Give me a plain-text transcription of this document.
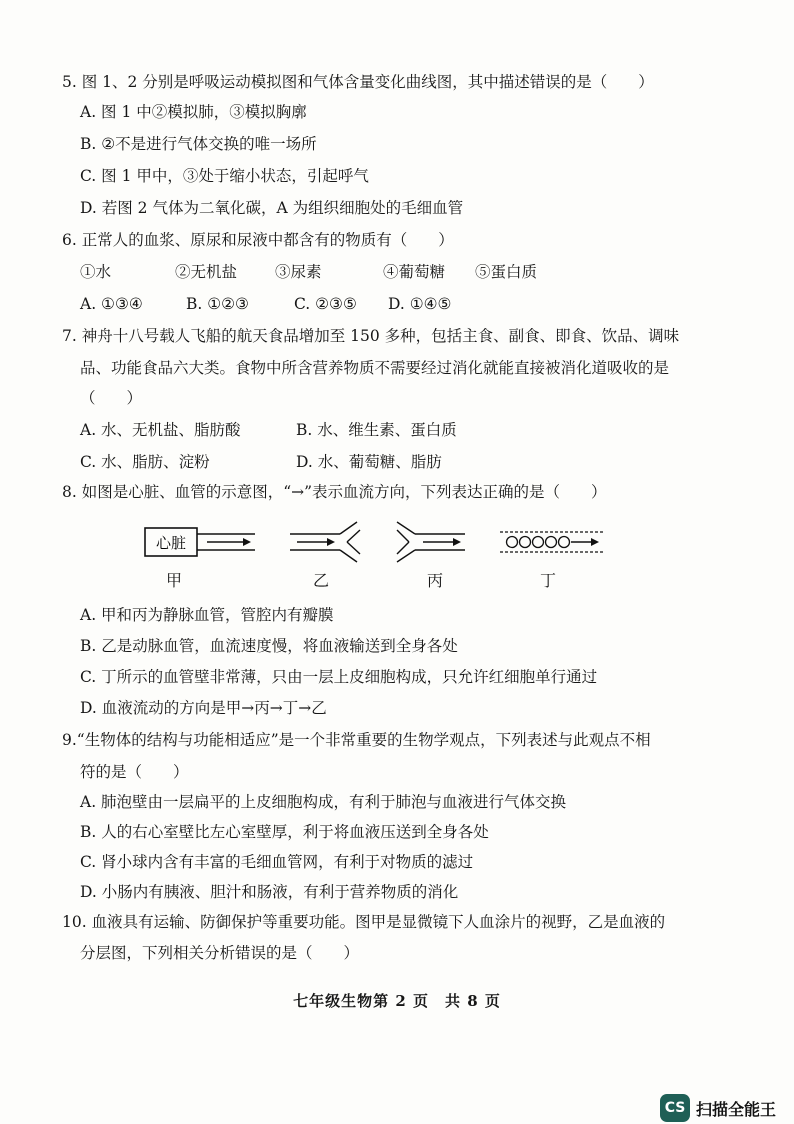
5. 图 1、2 分别是呼吸运动模拟图和气体含量变化曲线图，其中描述错误的是（　　）
A. 图 1 中②模拟肺，③模拟胸廓
B. ②不是进行气体交换的唯一场所
C. 图 1 甲中，③处于缩小状态，引起呼气
D. 若图 2 气体为二氧化碳，A 为组织细胞处的毛细血管
6. 正常人的血浆、原尿和尿液中都含有的物质有（　　）
①水	②无机盐 ③尿素	④葡萄糖 ⑤蛋白质
A. ①③④	B. ①②③	C. ②③⑤ D. ①④⑤
7. 神舟十八号载人飞船的航天食品增加至 150 多种，包括主食、副食、即食、饮品、调味
品、功能食品六大类。食物中所含营养物质不需要经过消化就能直接被消化道吸收的是
（　　）
A. 水、无机盐、脂肪酸	B. 水、维生素、蛋白质
C. 水、脂肪、淀粉	D. 水、葡萄糖、脂肪
8. 如图是心脏、血管的示意图，“→”表示血流方向，下列表达正确的是（　　）
心脏
甲	乙	丙	丁
A. 甲和丙为静脉血管，管腔内有瓣膜
B. 乙是动脉血管，血流速度慢，将血液输送到全身各处
C. 丁所示的血管壁非常薄，只由一层上皮细胞构成，只允许红细胞单行通过
D. 血液流动的方向是甲→丙→丁→乙
9.“生物体的结构与功能相适应”是一个非常重要的生物学观点，下列表述与此观点不相
符的是（　　）
A. 肺泡壁由一层扁平的上皮细胞构成，有利于肺泡与血液进行气体交换
B. 人的右心室壁比左心室壁厚，利于将血液压送到全身各处
C. 肾小球内含有丰富的毛细血管网，有利于对物质的滤过
D. 小肠内有胰液、胆汁和肠液，有利于营养物质的消化
10. 血液具有运输、防御保护等重要功能。图甲是显微镜下人血涂片的视野，乙是血液的
分层图，下列相关分析错误的是（　　）
七年级生物第 2 页　共 8 页
CS 扫描全能王
